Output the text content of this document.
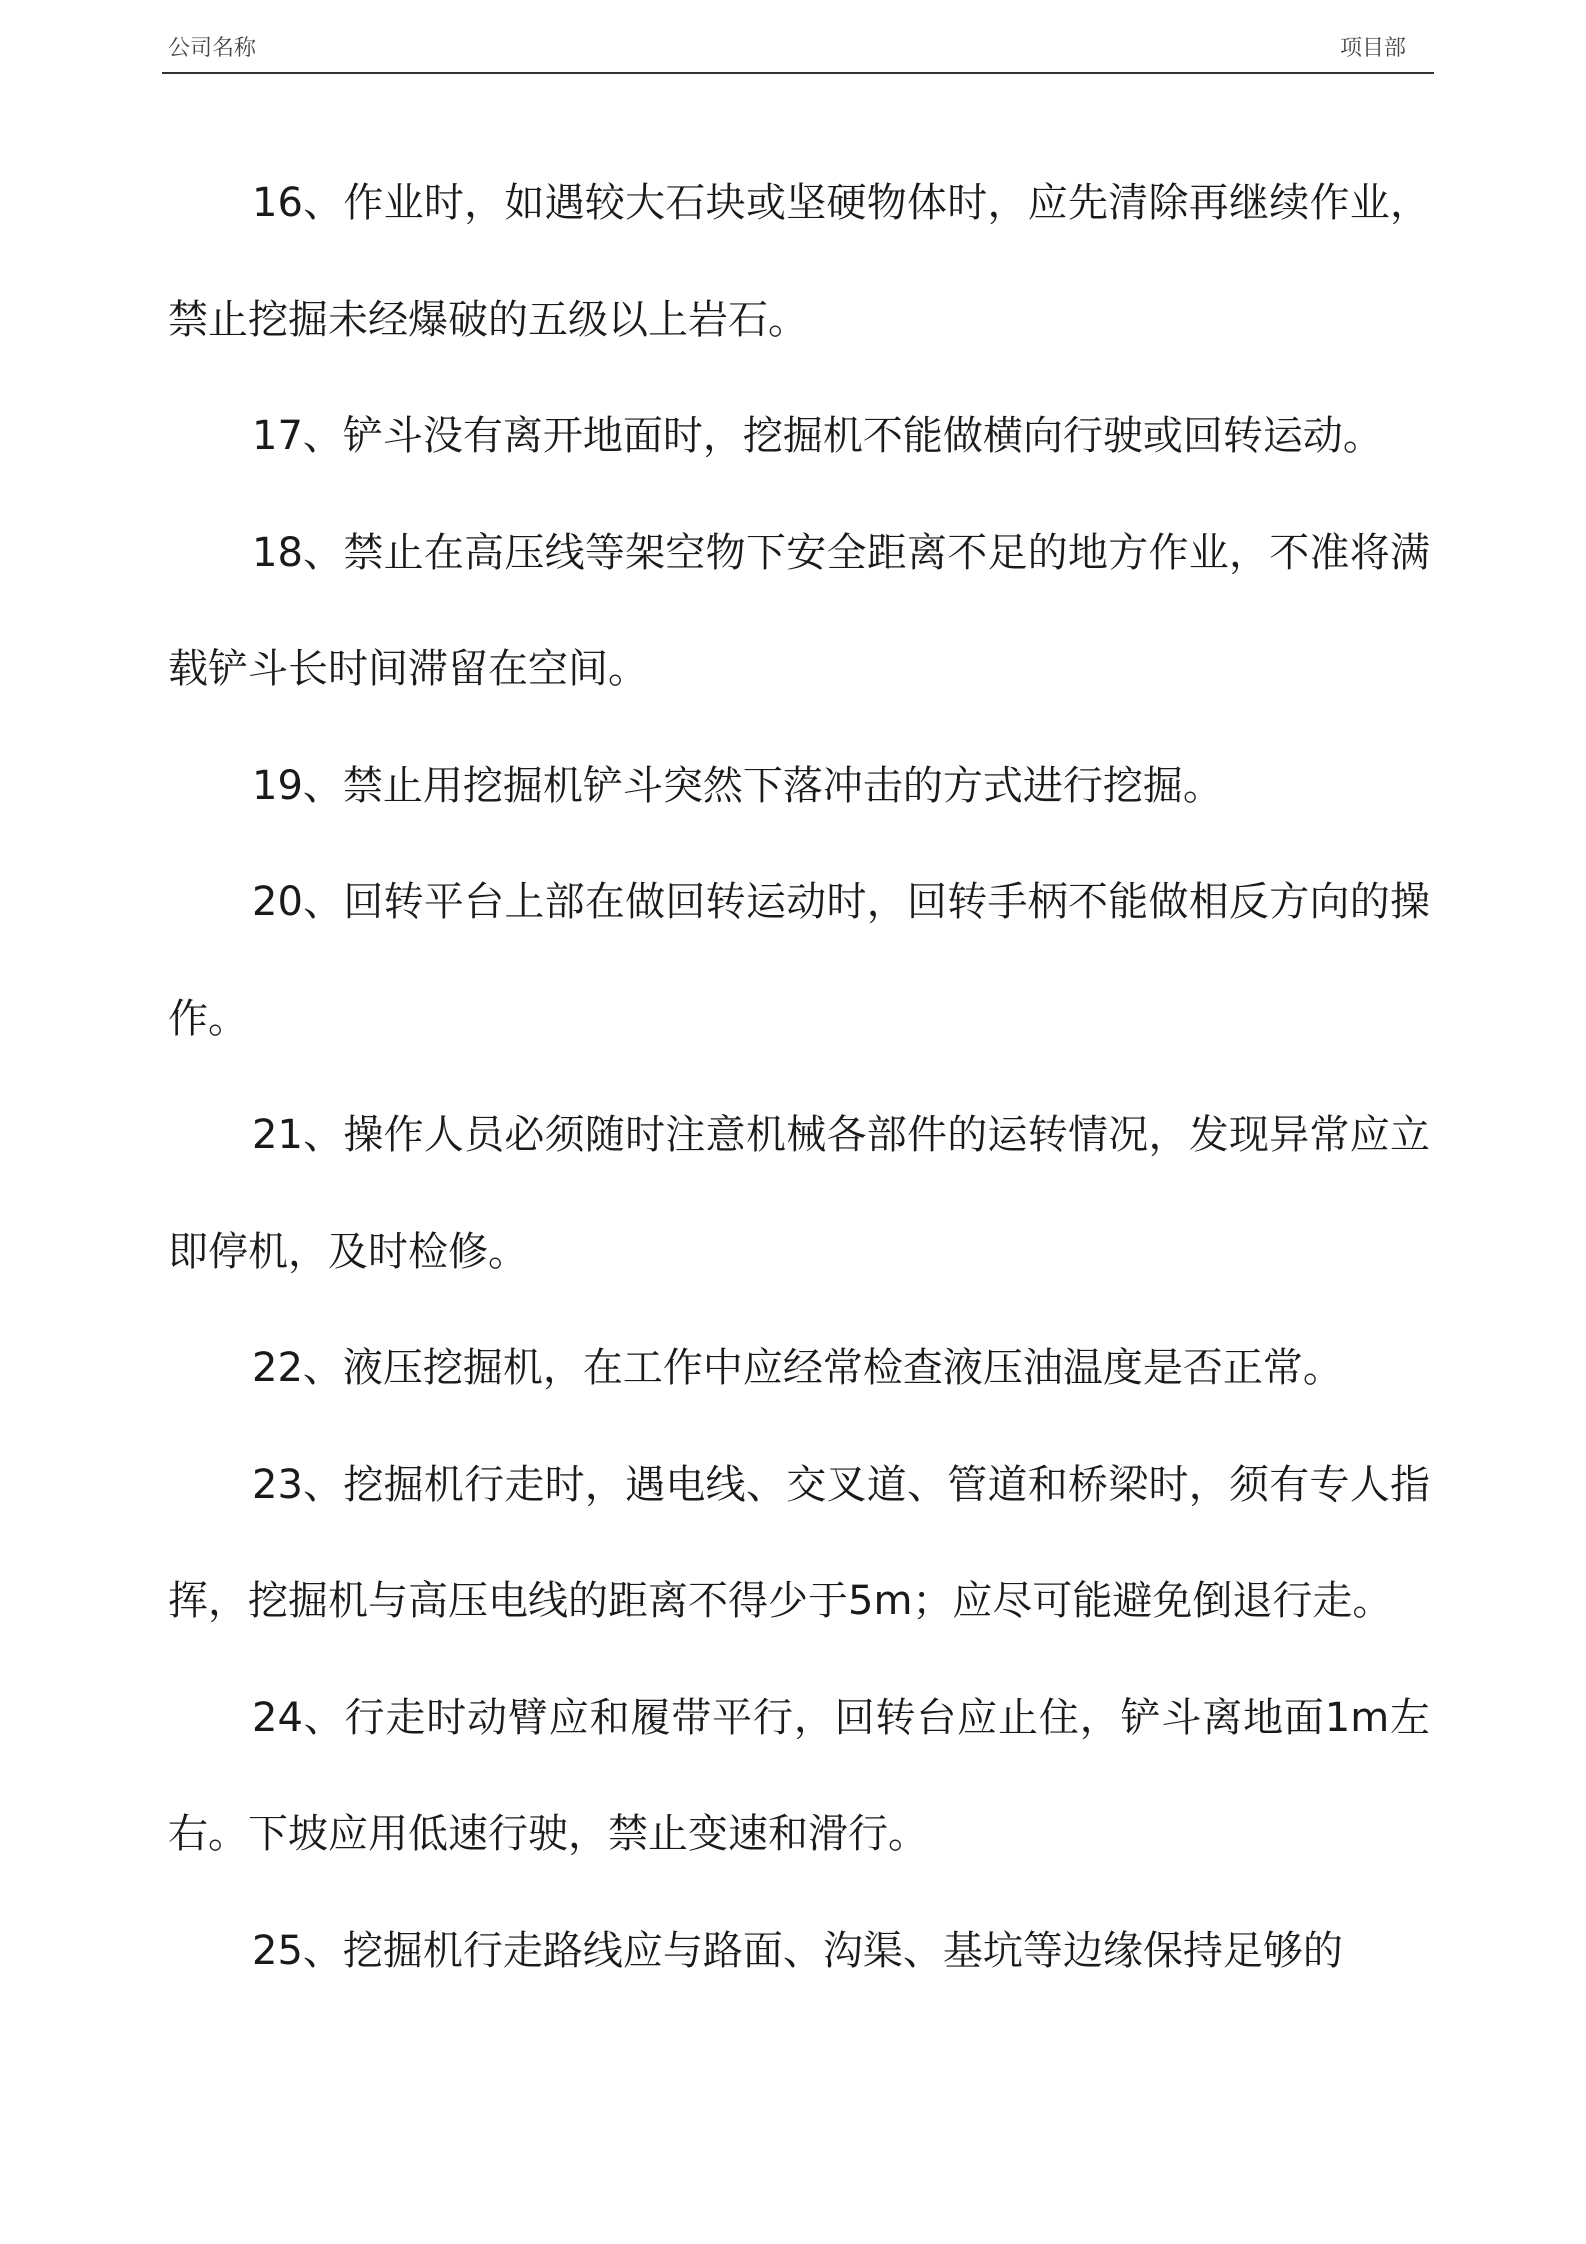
公司名称	项目部

16、作业时，如遇较大石块或坚硬物体时，应先清除再继续作业，禁止挖掘未经爆破的五级以上岩石。

17、铲斗没有离开地面时，挖掘机不能做横向行驶或回转运动。

18、禁止在高压线等架空物下安全距离不足的地方作业，不准将满载铲斗长时间滞留在空间。

19、禁止用挖掘机铲斗突然下落冲击的方式进行挖掘。

20、回转平台上部在做回转运动时，回转手柄不能做相反方向的操作。

21、操作人员必须随时注意机械各部件的运转情况，发现异常应立即停机，及时检修。

22、液压挖掘机，在工作中应经常检查液压油温度是否正常。

23、挖掘机行走时，遇电线、交叉道、管道和桥梁时，须有专人指挥，挖掘机与高压电线的距离不得少于5m；应尽可能避免倒退行走。

24、行走时动臂应和履带平行，回转台应止住，铲斗离地面1m左右。下坡应用低速行驶，禁止变速和滑行。

25、挖掘机行走路线应与路面、沟渠、基坑等边缘保持足够的
